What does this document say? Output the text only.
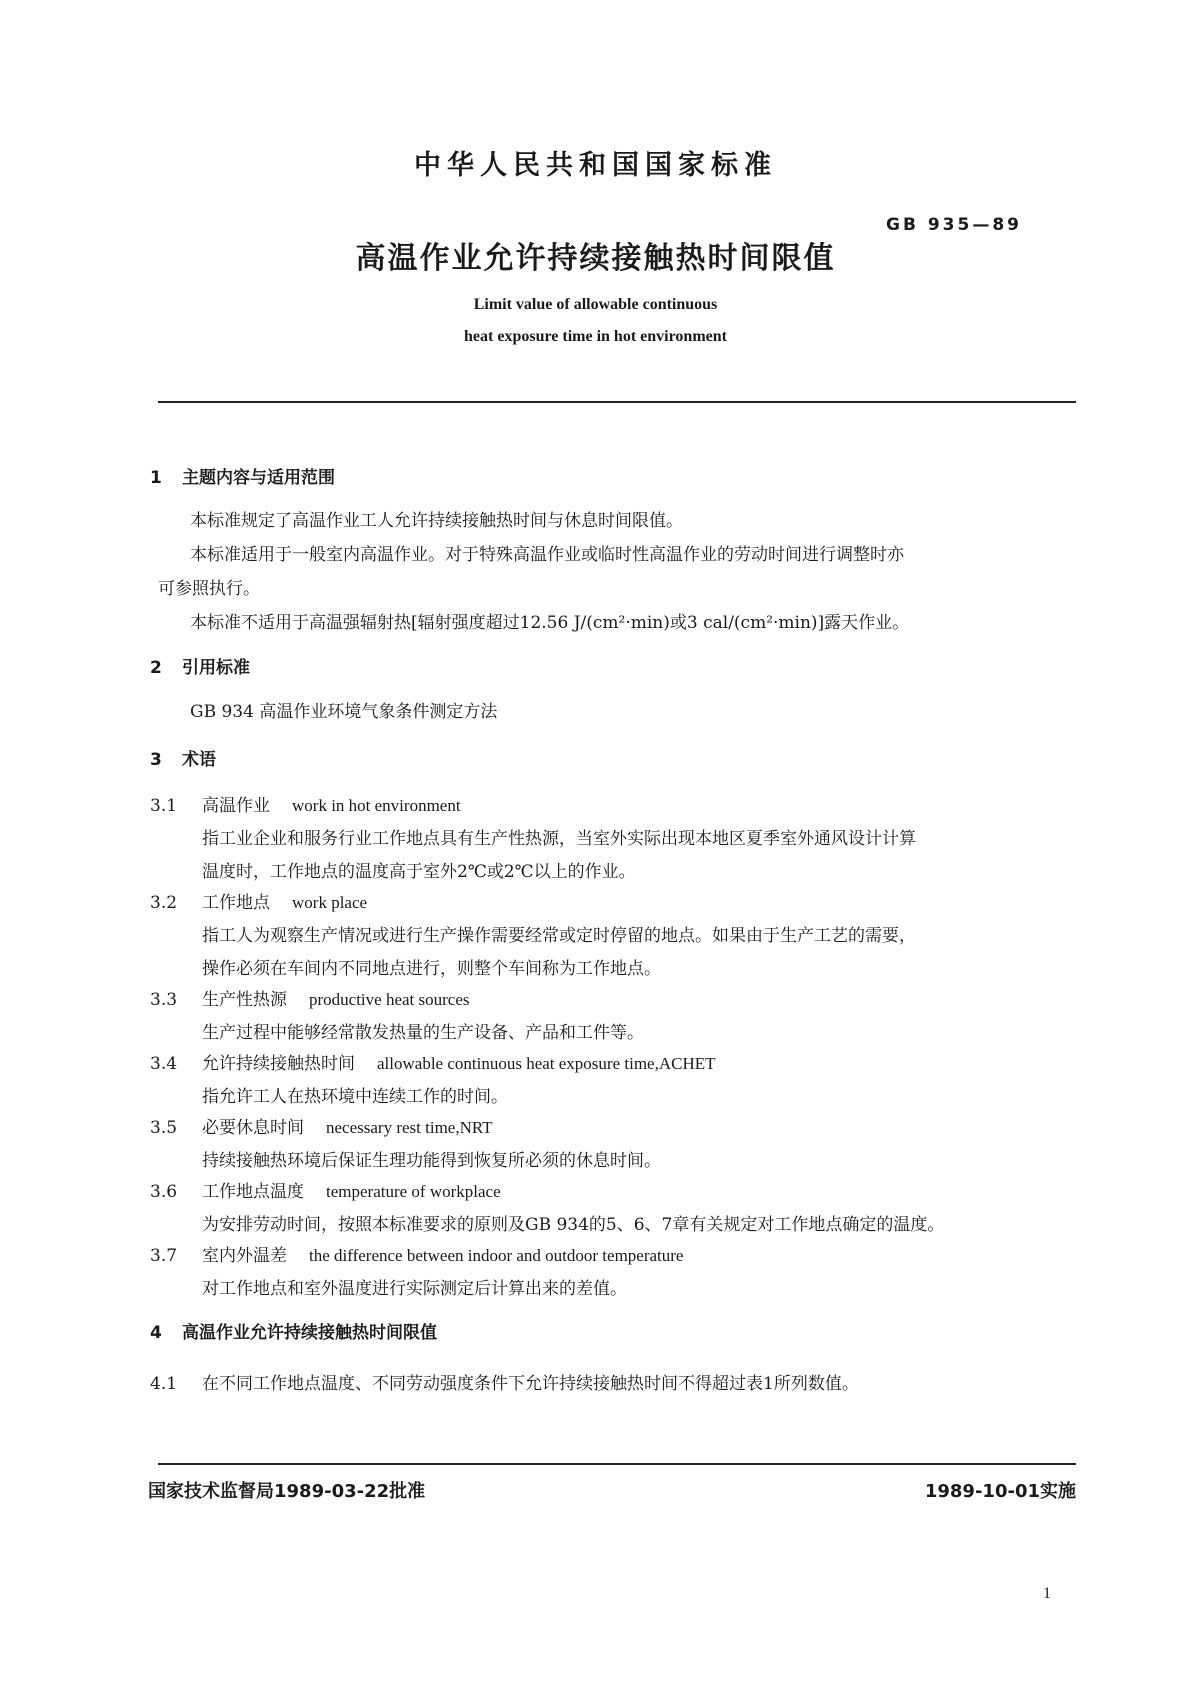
中华人民共和国国家标准
GB 935—89
高温作业允许持续接触热时间限值
Limit value of allowable continuous
heat exposure time in hot environment
1 主题内容与适用范围
本标准规定了高温作业工人允许持续接触热时间与休息时间限值。
本标准适用于一般室内高温作业。对于特殊高温作业或临时性高温作业的劳动时间进行调整时亦
可参照执行。
本标准不适用于高温强辐射热[辐射强度超过12.56 J/(cm²·min)或3 cal/(cm²·min)]露天作业。
2 引用标准
GB 934 高温作业环境气象条件测定方法
3 术语
3.1 高温作业 work in hot environment
指工业企业和服务行业工作地点具有生产性热源，当室外实际出现本地区夏季室外通风设计计算
温度时，工作地点的温度高于室外2℃或2℃以上的作业。
3.2 工作地点 work place
指工人为观察生产情况或进行生产操作需要经常或定时停留的地点。如果由于生产工艺的需要，
操作必须在车间内不同地点进行，则整个车间称为工作地点。
3.3 生产性热源 productive heat sources
生产过程中能够经常散发热量的生产设备、产品和工件等。
3.4 允许持续接触热时间 allowable continuous heat exposure time,ACHET
指允许工人在热环境中连续工作的时间。
3.5 必要休息时间 necessary rest time,NRT
持续接触热环境后保证生理功能得到恢复所必须的休息时间。
3.6 工作地点温度 temperature of workplace
为安排劳动时间，按照本标准要求的原则及GB 934的5、6、7章有关规定对工作地点确定的温度。
3.7 室内外温差 the difference between indoor and outdoor temperature
对工作地点和室外温度进行实际测定后计算出来的差值。
4 高温作业允许持续接触热时间限值
4.1 在不同工作地点温度、不同劳动强度条件下允许持续接触热时间不得超过表1所列数值。
国家技术监督局1989-03-22批准	1989-10-01实施
1
